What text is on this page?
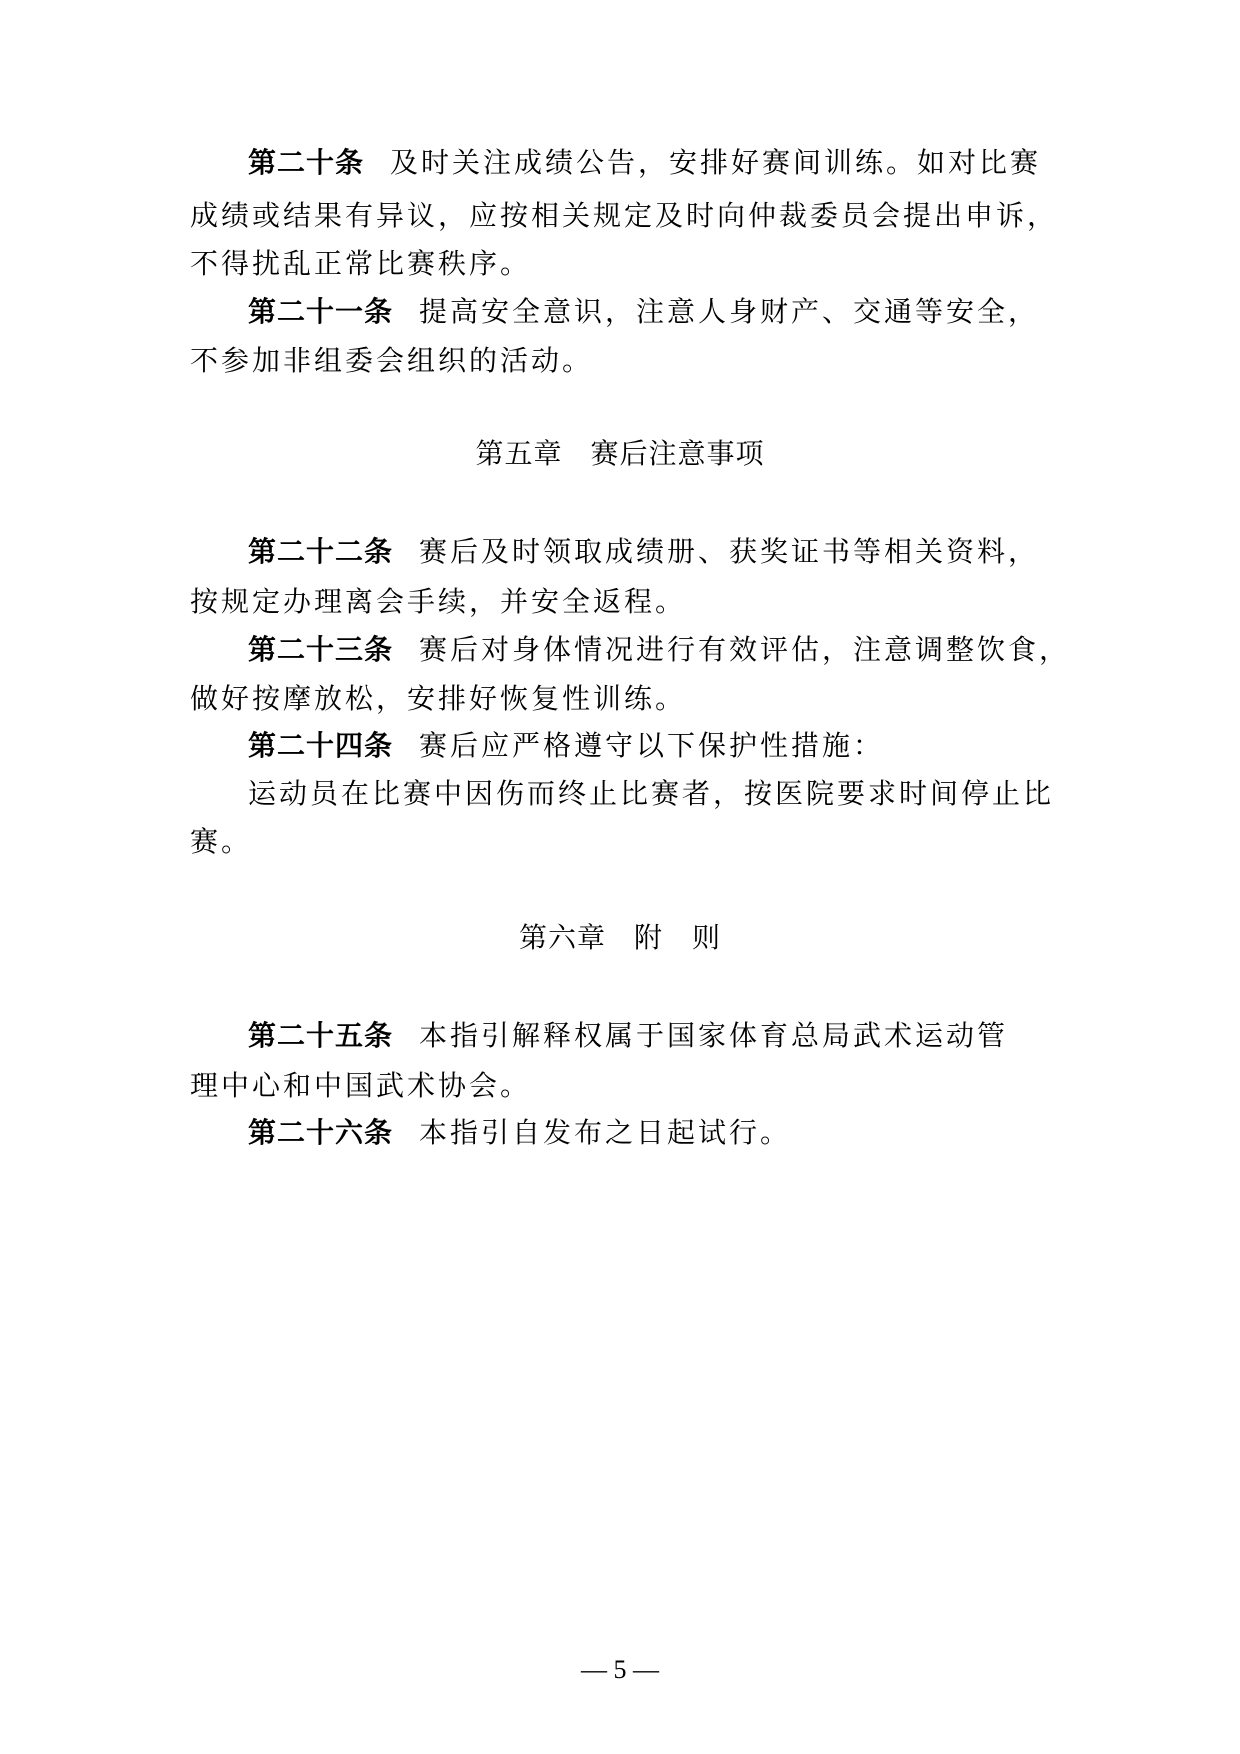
第二十条 及时关注成绩公告，安排好赛间训练。如对比赛
成绩或结果有异议，应按相关规定及时向仲裁委员会提出申诉，
不得扰乱正常比赛秩序。
第二十一条 提高安全意识，注意人身财产、交通等安全，
不参加非组委会组织的活动。
第五章 赛后注意事项
第二十二条 赛后及时领取成绩册、获奖证书等相关资料，
按规定办理离会手续，并安全返程。
第二十三条 赛后对身体情况进行有效评估，注意调整饮食，
做好按摩放松，安排好恢复性训练。
第二十四条 赛后应严格遵守以下保护性措施：
运动员在比赛中因伤而终止比赛者，按医院要求时间停止比
赛。
第六章 附　则
第二十五条 本指引解释权属于国家体育总局武术运动管
理中心和中国武术协会。
第二十六条 本指引自发布之日起试行。
— 5 —
